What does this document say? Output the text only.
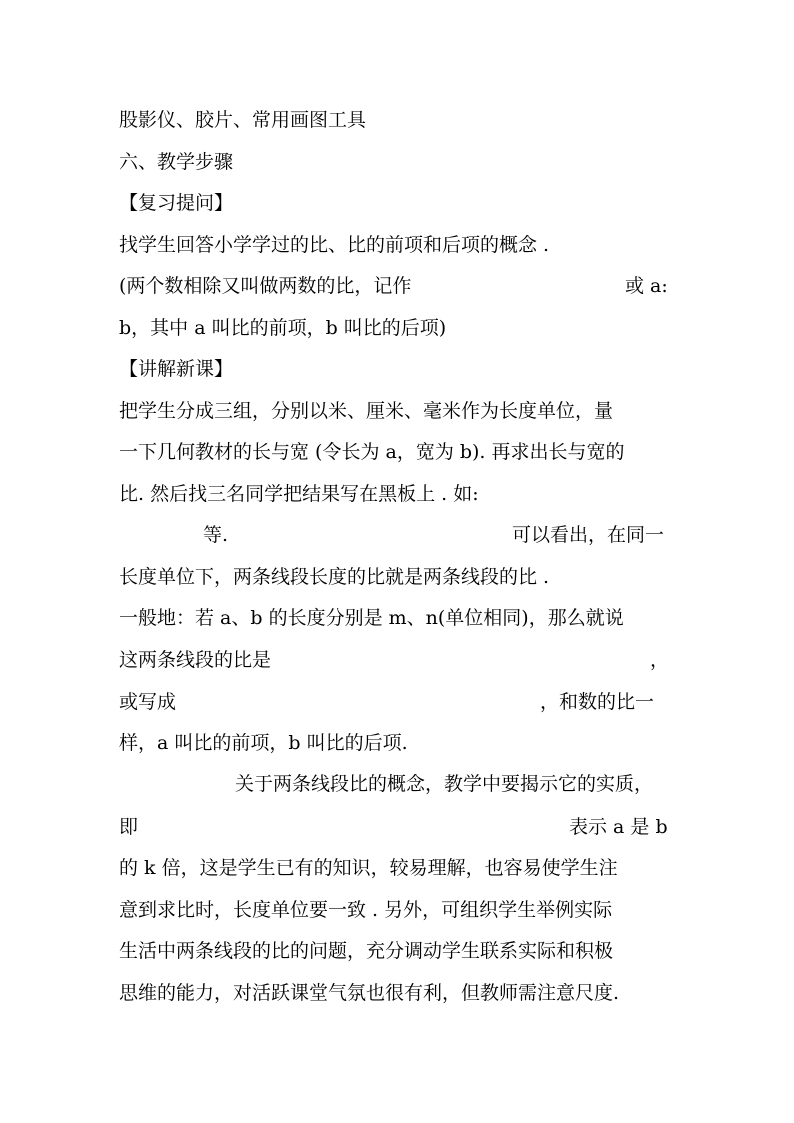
股影仪、胶片、常用画图工具
六、教学步骤
【复习提问】
找学生回答小学学过的比、比的前项和后项的概念 .
(两个数相除又叫做两数的比，记作	或 a:
b，其中 a 叫比的前项，b 叫比的后项)
【讲解新课】
把学生分成三组，分别以米、厘米、毫米作为长度单位，量
一下几何教材的长与宽 (令长为 a，宽为 b). 再求出长与宽的
比. 然后找三名同学把结果写在黑板上 . 如:
等.	可以看出，在同一
长度单位下，两条线段长度的比就是两条线段的比 .
一般地：若 a、b 的长度分别是 m、n(单位相同)，那么就说
这两条线段的比是	，
或写成	，和数的比一
样，a 叫比的前项，b 叫比的后项.
关于两条线段比的概念，教学中要揭示它的实质，
即	表示 a 是 b
的 k 倍，这是学生已有的知识，较易理解，也容易使学生注
意到求比时，长度单位要一致 . 另外，可组织学生举例实际
生活中两条线段的比的问题，充分调动学生联系实际和积极
思维的能力，对活跃课堂气氛也很有利，但教师需注意尺度.
